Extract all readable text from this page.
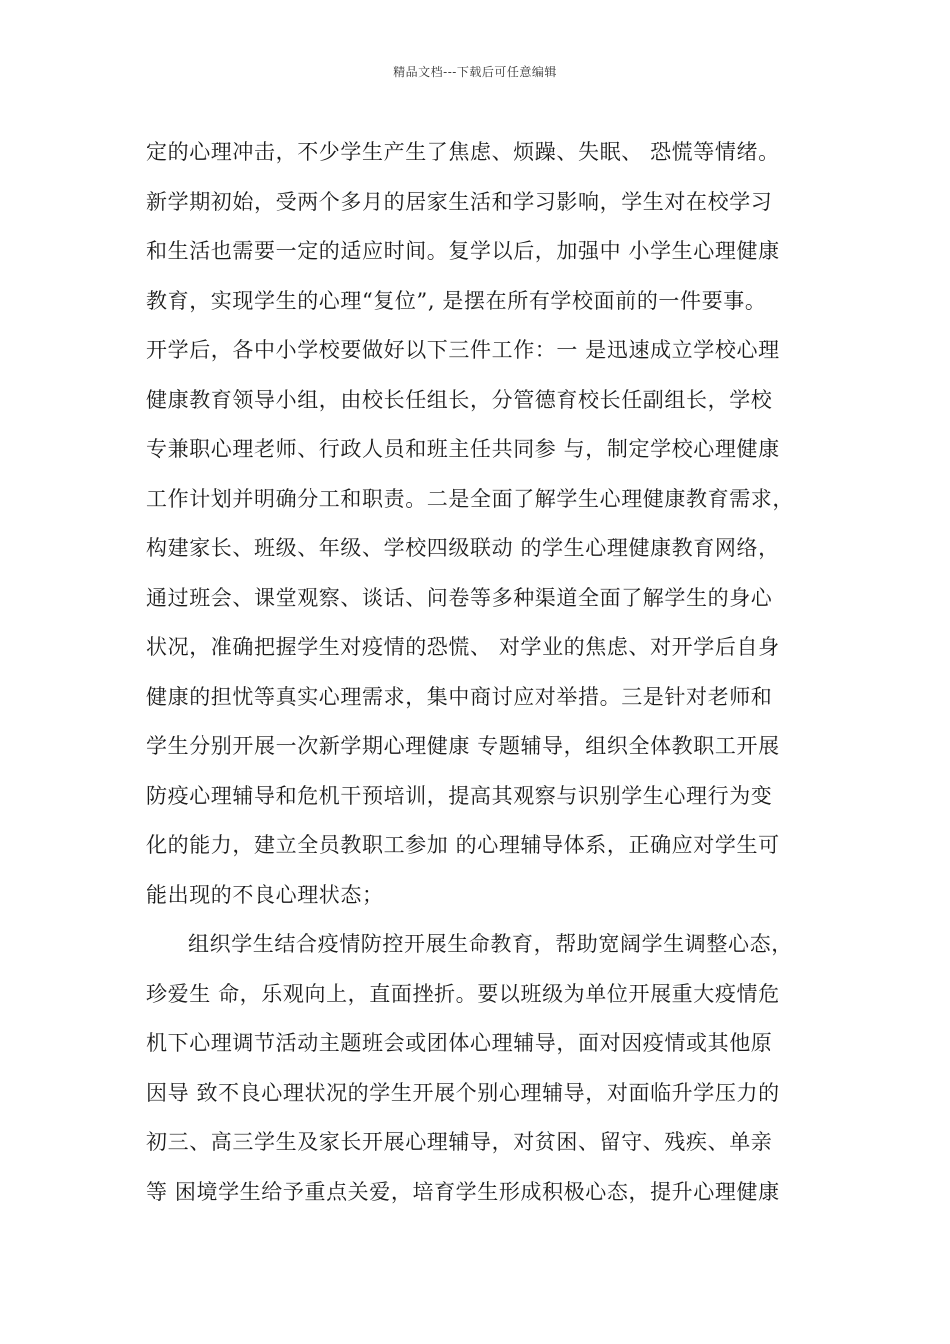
精品文档---下载后可任意编辑
定的心理冲击，不少学生产生了焦虑、烦躁、失眠、 恐慌等情绪。
新学期初始，受两个多月的居家生活和学习影响，学生对在校学习
和生活也需要一定的适应时间。复学以后，加强中 小学生心理健康
教育，实现学生的心理“复位”, 是摆在所有学校面前的一件要事。
开学后，各中小学校要做好以下三件工作：一 是迅速成立学校心理
健康教育领导小组，由校长任组长，分管德育校长任副组长，学校
专兼职心理老师、行政人员和班主任共同参 与，制定学校心理健康
工作计划并明确分工和职责。二是全面了解学生心理健康教育需求，
构建家长、班级、年级、学校四级联动 的学生心理健康教育网络，
通过班会、课堂观察、谈话、问卷等多种渠道全面了解学生的身心
状况，准确把握学生对疫情的恐慌、 对学业的焦虑、对开学后自身
健康的担忧等真实心理需求，集中商讨应对举措。三是针对老师和
学生分别开展一次新学期心理健康 专题辅导，组织全体教职工开展
防疫心理辅导和危机干预培训，提高其观察与识别学生心理行为变
化的能力，建立全员教职工参加 的心理辅导体系，正确应对学生可
能出现的不良心理状态；
组织学生结合疫情防控开展生命教育，帮助宽阔学生调整心态，
珍爱生 命，乐观向上，直面挫折。要以班级为单位开展重大疫情危
机下心理调节活动主题班会或团体心理辅导，面对因疫情或其他原
因导 致不良心理状况的学生开展个别心理辅导，对面临升学压力的
初三、高三学生及家长开展心理辅导，对贫困、留守、残疾、单亲
等 困境学生给予重点关爱，培育学生形成积极心态，提升心理健康
